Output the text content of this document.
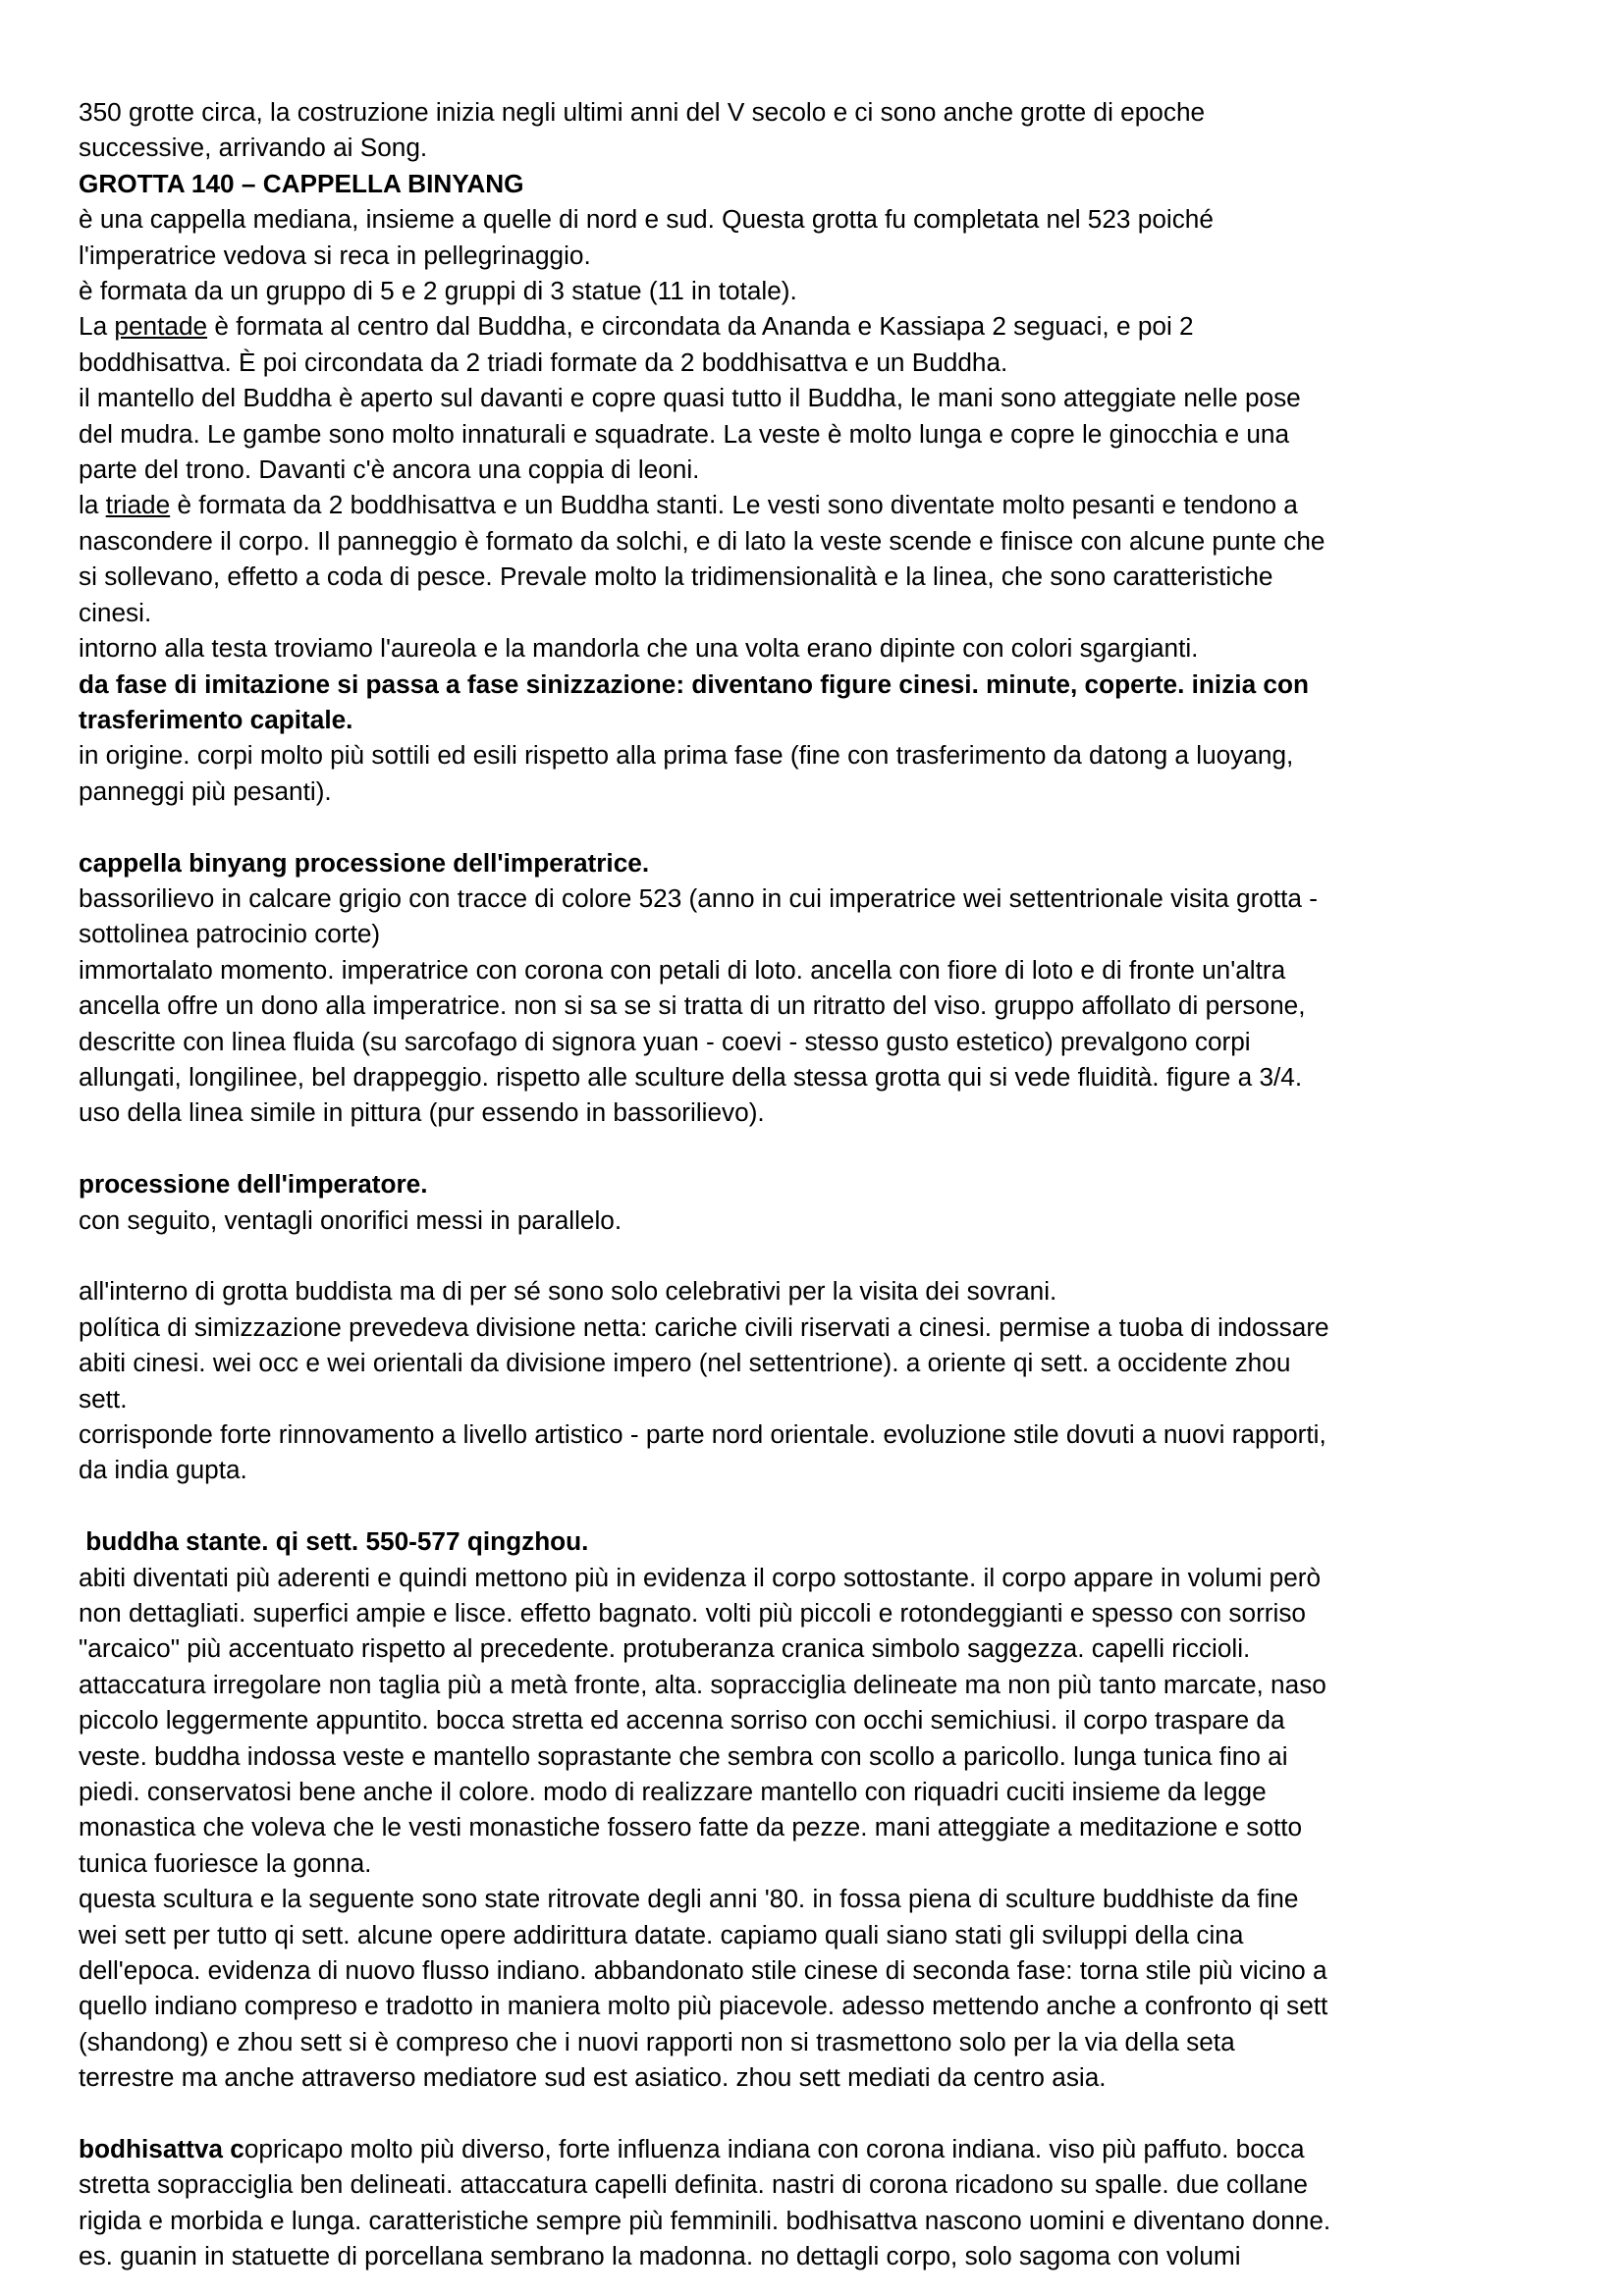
350 grotte circa, la costruzione inizia negli ultimi anni del V secolo e ci sono anche grotte di epoche
successive, arrivando ai Song.

GROTTA 140 – CAPPELLA BINYANG

è una cappella mediana, insieme a quelle di nord e sud. Questa grotta fu completata nel 523 poiché
l'imperatrice vedova si reca in pellegrinaggio.

è formata da un gruppo di 5 e 2 gruppi di 3 statue (11 in totale).

La pentade è formata al centro dal Buddha, e circondata da Ananda e Kassiapa 2 seguaci, e poi 2
boddhisattva. È poi circondata da 2 triadi formate da 2 boddhisattva e un Buddha.

il mantello del Buddha è aperto sul davanti e copre quasi tutto il Buddha, le mani sono atteggiate nelle pose
del mudra. Le gambe sono molto innaturali e squadrate. La veste è molto lunga e copre le ginocchia e una
parte del trono. Davanti c'è ancora una coppia di leoni.

la triade è formata da 2 boddhisattva e un Buddha stanti. Le vesti sono diventate molto pesanti e tendono a
nascondere il corpo. Il panneggio è formato da solchi, e di lato la veste scende e finisce con alcune punte che
si sollevano, effetto a coda di pesce. Prevale molto la tridimensionalità e la linea, che sono caratteristiche
cinesi.

intorno alla testa troviamo l'aureola e la mandorla che una volta erano dipinte con colori sgargianti.

da fase di imitazione si passa a fase sinizzazione: diventano figure cinesi. minute, coperte. inizia con
trasferimento capitale.

in origine. corpi molto più sottili ed esili rispetto alla prima fase (fine con trasferimento da datong a luoyang,
panneggi più pesanti).

cappella binyang processione dell'imperatrice.

bassorilievo in calcare grigio con tracce di colore 523 (anno in cui imperatrice wei settentrionale visita grotta -
sottolinea patrocinio corte)

immortalato momento. imperatrice con corona con petali di loto. ancella con fiore di loto e di fronte un'altra
ancella offre un dono alla imperatrice. non si sa se si tratta di un ritratto del viso. gruppo affollato di persone,
descritte con linea fluida (su sarcofago di signora yuan - coevi - stesso gusto estetico) prevalgono corpi
allungati, longilinee, bel drappeggio. rispetto alle sculture della stessa grotta qui si vede fluidità. figure a 3/4.
uso della linea simile in pittura (pur essendo in bassorilievo).

processione dell'imperatore.

con seguito, ventagli onorifici messi in parallelo.

all'interno di grotta buddista ma di per sé sono solo celebrativi per la visita dei sovrani.

política di simizzazione prevedeva divisione netta: cariche civili riservati a cinesi. permise a tuoba di indossare
abiti cinesi. wei occ e wei orientali da divisione impero (nel settentrione). a oriente qi sett. a occidente zhou
sett.

corrisponde forte rinnovamento a livello artistico - parte nord orientale. evoluzione stile dovuti a nuovi rapporti,
da india gupta.

buddha stante. qi sett. 550-577 qingzhou.

abiti diventati più aderenti e quindi mettono più in evidenza il corpo sottostante. il corpo appare in volumi però
non dettagliati. superfici ampie e lisce. effetto bagnato. volti più piccoli e rotondeggianti e spesso con sorriso
"arcaico" più accentuato rispetto al precedente. protuberanza cranica simbolo saggezza. capelli riccioli.
attaccatura irregolare non taglia più a metà fronte, alta. sopracciglia delineate ma non più tanto marcate, naso
piccolo leggermente appuntito. bocca stretta ed accenna sorriso con occhi semichiusi. il corpo traspare da
veste. buddha indossa veste e mantello soprastante che sembra con scollo a paricollo. lunga tunica fino ai
piedi. conservatosi bene anche il colore. modo di realizzare mantello con riquadri cuciti insieme da legge
monastica che voleva che le vesti monastiche fossero fatte da pezze. mani atteggiate a meditazione e sotto
tunica fuoriesce la gonna.

questa scultura e la seguente sono state ritrovate degli anni '80. in fossa piena di sculture buddhiste da fine
wei sett per tutto qi sett. alcune opere addirittura datate. capiamo quali siano stati gli sviluppi della cina
dell'epoca. evidenza di nuovo flusso indiano. abbandonato stile cinese di seconda fase: torna stile più vicino a
quello indiano compreso e tradotto in maniera molto più piacevole. adesso mettendo anche a confronto qi sett
(shandong) e zhou sett si è compreso che i nuovi rapporti non si trasmettono solo per la via della seta
terrestre ma anche attraverso mediatore sud est asiatico. zhou sett mediati da centro asia.

bodhisattva copricapo molto più diverso, forte influenza indiana con corona indiana. viso più paffuto. bocca
stretta sopracciglia ben delineati. attaccatura capelli definita. nastri di corona ricadono su spalle. due collane
rigida e morbida e lunga. caratteristiche sempre più femminili. bodhisattva nascono uomini e diventano donne.
es. guanin in statuette di porcellana sembrano la madonna. no dettagli corpo, solo sagoma con volumi
